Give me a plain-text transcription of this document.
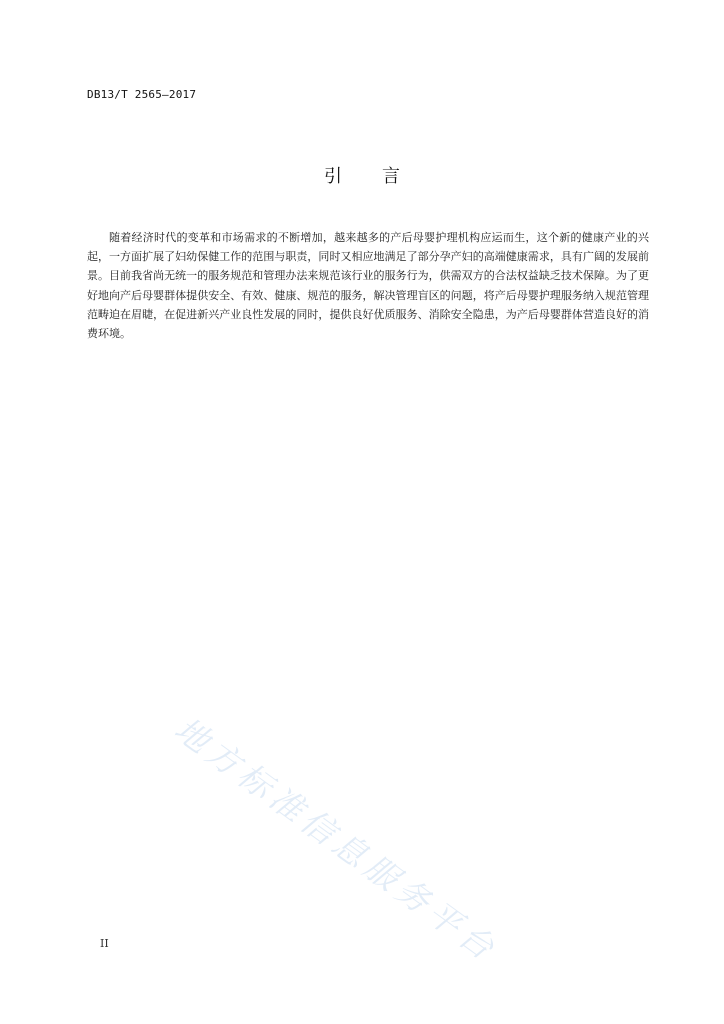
DB13/T 2565—2017
引 言

随着经济时代的变革和市场需求的不断增加，越来越多的产后母婴护理机构应运而生，这个新的健康产业的兴起，一方面扩展了妇幼保健工作的范围与职责，同时又相应地满足了部分孕产妇的高端健康需求，具有广阔的发展前景。目前我省尚无统一的服务规范和管理办法来规范该行业的服务行为，供需双方的合法权益缺乏技术保障。为了更好地向产后母婴群体提供安全、有效、健康、规范的服务，解决管理盲区的问题，将产后母婴护理服务纳入规范管理范畴迫在眉睫，在促进新兴产业良性发展的同时，提供良好优质服务、消除安全隐患，为产后母婴群体营造良好的消费环境。

地方标准信息服务平台
II
